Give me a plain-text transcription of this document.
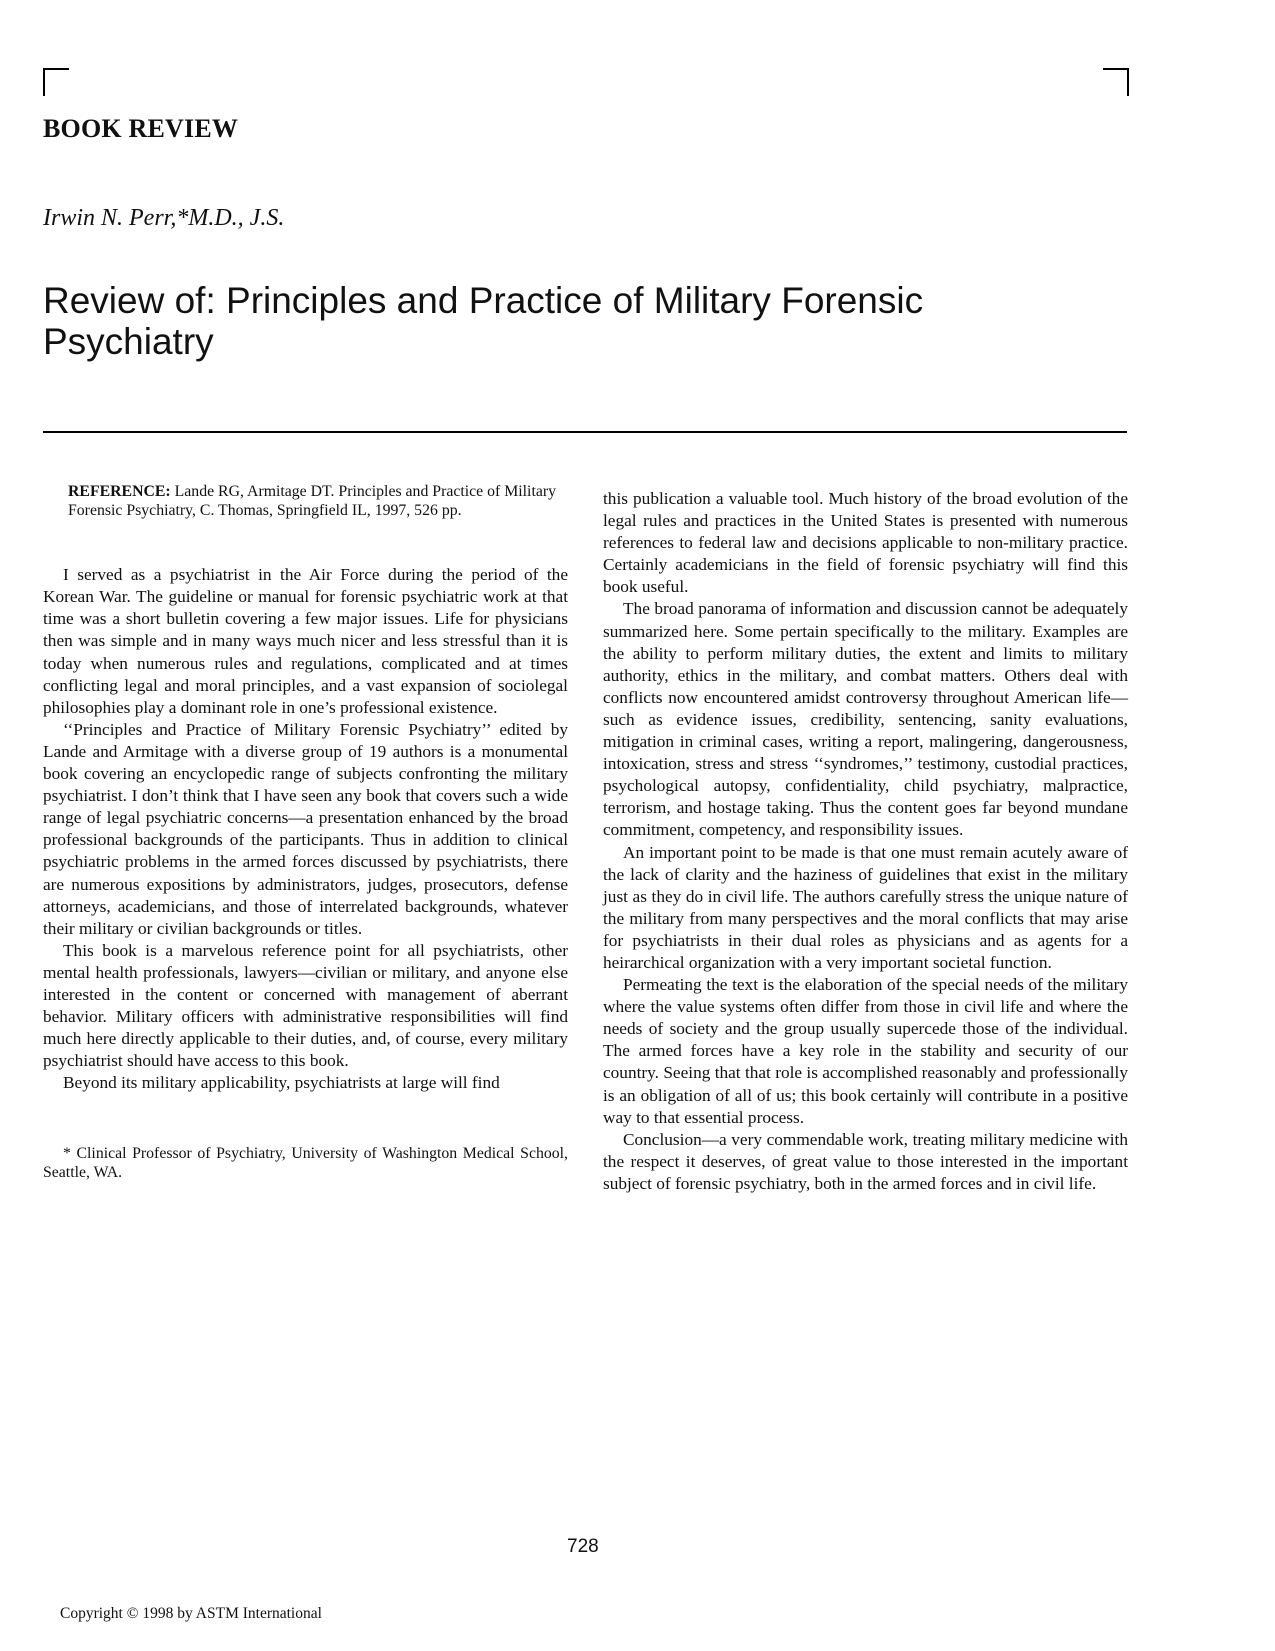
BOOK REVIEW
Irwin N. Perr,*M.D., J.S.
Review of: Principles and Practice of Military Forensic Psychiatry
REFERENCE: Lande RG, Armitage DT. Principles and Practice of Military Forensic Psychiatry, C. Thomas, Springfield IL, 1997, 526 pp.

I served as a psychiatrist in the Air Force during the period of the Korean War. The guideline or manual for forensic psychiatric work at that time was a short bulletin covering a few major issues. Life for physicians then was simple and in many ways much nicer and less stressful than it is today when numerous rules and regulations, complicated and at times conflicting legal and moral principles, and a vast expansion of sociolegal philosophies play a dominant role in one’s professional existence.

‘‘Principles and Practice of Military Forensic Psychiatry’’ edited by Lande and Armitage with a diverse group of 19 authors is a monumental book covering an encyclopedic range of subjects confronting the military psychiatrist. I don’t think that I have seen any book that covers such a wide range of legal psychiatric concerns—a presentation enhanced by the broad professional backgrounds of the participants. Thus in addition to clinical psychiatric problems in the armed forces discussed by psychiatrists, there are numerous expositions by administrators, judges, prosecutors, defense attorneys, academicians, and those of interrelated backgrounds, whatever their military or civilian backgrounds or titles.

This book is a marvelous reference point for all psychiatrists, other mental health professionals, lawyers—civilian or military, and anyone else interested in the content or concerned with management of aberrant behavior. Military officers with administrative responsibilities will find much here directly applicable to their duties, and, of course, every military psychiatrist should have access to this book.

Beyond its military applicability, psychiatrists at large will find

* Clinical Professor of Psychiatry, University of Washington Medical School, Seattle, WA.

this publication a valuable tool. Much history of the broad evolution of the legal rules and practices in the United States is presented with numerous references to federal law and decisions applicable to non-military practice. Certainly academicians in the field of forensic psychiatry will find this book useful.

The broad panorama of information and discussion cannot be adequately summarized here. Some pertain specifically to the military. Examples are the ability to perform military duties, the extent and limits to military authority, ethics in the military, and combat matters. Others deal with conflicts now encountered amidst controversy throughout American life—such as evidence issues, credibility, sentencing, sanity evaluations, mitigation in criminal cases, writing a report, malingering, dangerousness, intoxication, stress and stress ‘‘syndromes,’’ testimony, custodial practices, psychological autopsy, confidentiality, child psychiatry, malpractice, terrorism, and hostage taking. Thus the content goes far beyond mundane commitment, competency, and responsibility issues.

An important point to be made is that one must remain acutely aware of the lack of clarity and the haziness of guidelines that exist in the military just as they do in civil life. The authors carefully stress the unique nature of the military from many perspectives and the moral conflicts that may arise for psychiatrists in their dual roles as physicians and as agents for a heirarchical organization with a very important societal function.

Permeating the text is the elaboration of the special needs of the military where the value systems often differ from those in civil life and where the needs of society and the group usually supercede those of the individual. The armed forces have a key role in the stability and security of our country. Seeing that that role is accomplished reasonably and professionally is an obligation of all of us; this book certainly will contribute in a positive way to that essential process.

Conclusion—a very commendable work, treating military medicine with the respect it deserves, of great value to those interested in the important subject of forensic psychiatry, both in the armed forces and in civil life.

728
Copyright © 1998 by ASTM International
